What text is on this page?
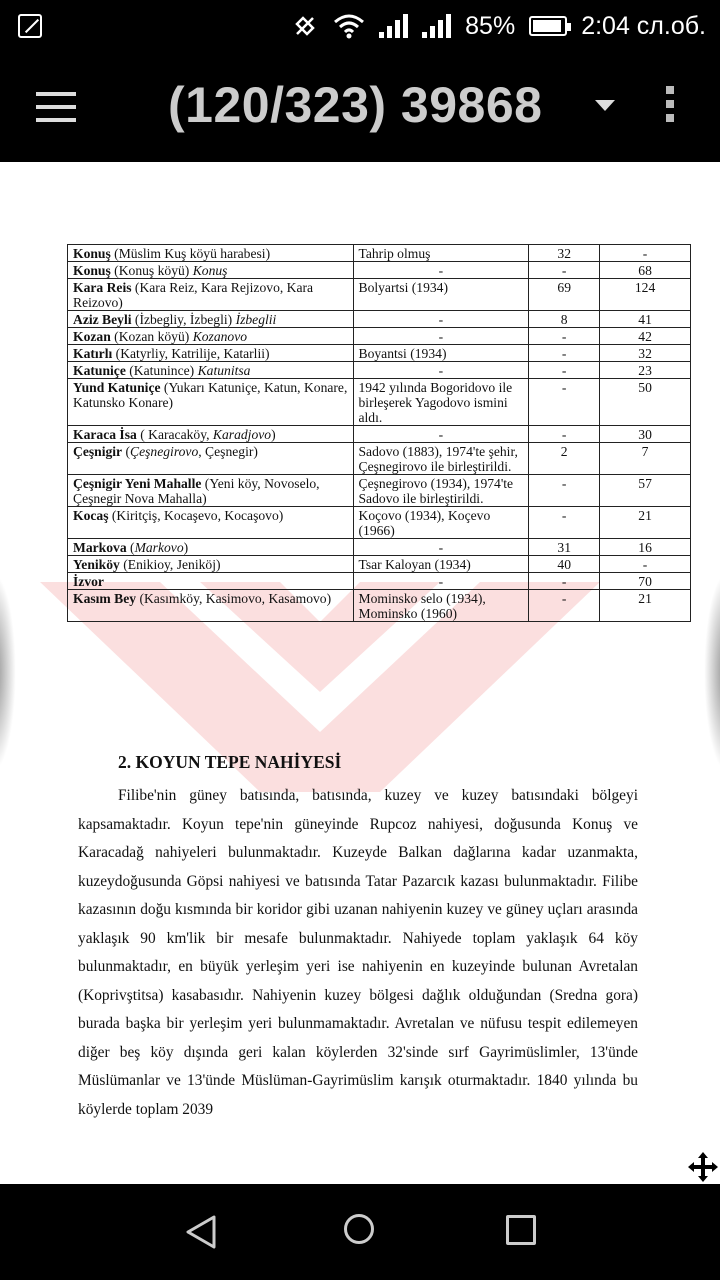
85%	2:04 сл.об.
(120/323) 39868
Konuş (Müslim Kuş köyü harabesi)	Tahrip olmuş	32	-
Konuş (Konuş köyü) Konuş	-	-	68
Kara Reis (Kara Reiz, Kara Rejizovo, Kara Reizovo)	Bolyartsi (1934)	69	124
Aziz Beyli (İzbegliy, İzbegli) İzbeglii	-	8	41
Kozan (Kozan köyü) Kozanovo	-	-	42
Katırlı (Katyrliy, Katrilije, Katarlii)	Boyantsi (1934)	-	32
Katuniçe (Katunince) Katunitsa	-	-	23
Yund Katuniçe (Yukarı Katuniçe, Katun, Konare, Katunsko Konare)	1942 yılında Bogoridovo ile birleşerek Yagodovo ismini aldı.	-	50
Karaca İsa ( Karacaköy, Karadjovo)	-	-	30
Çeşnigir (Çeşnegirovo, Çeşnegir)	Sadovo (1883), 1974'te şehir, Çeşnegirovo ile birleştirildi.	2	7
Çeşnigir Yeni Mahalle (Yeni köy, Novoselo, Çeşnegir Nova Mahalla)	Çeşnegirovo (1934), 1974'te Sadovo ile birleştirildi.	-	57
Kocaş (Kiritçiş, Kocaşevo, Kocaşovo)	Koçovo (1934), Koçevo (1966)	-	21
Markova (Markovo)	-	31	16
Yeniköy (Enikioy, Jeniköj)	Tsar Kaloyan (1934)	40	-
İzvor	-	-	70
Kasım Bey (Kasımköy, Kasimovo, Kasamovo)	Mominsko selo (1934), Mominsko (1960)	-	21
2. KOYUN TEPE NAHİYESİ

Filibe'nin güney batısında, batısında, kuzey ve kuzey batısındaki bölgeyi kapsamaktadır. Koyun tepe'nin güneyinde Rupcoz nahiyesi, doğusunda Konuş ve Karacadağ nahiyeleri bulunmaktadır. Kuzeyde Balkan dağlarına kadar uzanmakta, kuzeydoğusunda Göpsi nahiyesi ve batısında Tatar Pazarcık kazası bulunmaktadır. Filibe kazasının doğu kısmında bir koridor gibi uzanan nahiyenin kuzey ve güney uçları arasında yaklaşık 90 km'lik bir mesafe bulunmaktadır. Nahiyede toplam yaklaşık 64 köy bulunmaktadır, en büyük yerleşim yeri ise nahiyenin en kuzeyinde bulunan Avretalan (Koprivştitsa) kasabasıdır. Nahiyenin kuzey bölgesi dağlık olduğundan (Sredna gora) burada başka bir yerleşim yeri bulunmamaktadır. Avretalan ve nüfusu tespit edilemeyen diğer beş köy dışında geri kalan köylerden 32'sinde sırf Gayrimüslimler, 13'ünde Müslümanlar ve 13'ünde Müslüman-Gayrimüslim karışık oturmaktadır. 1840 yılında bu köylerde toplam 2039
